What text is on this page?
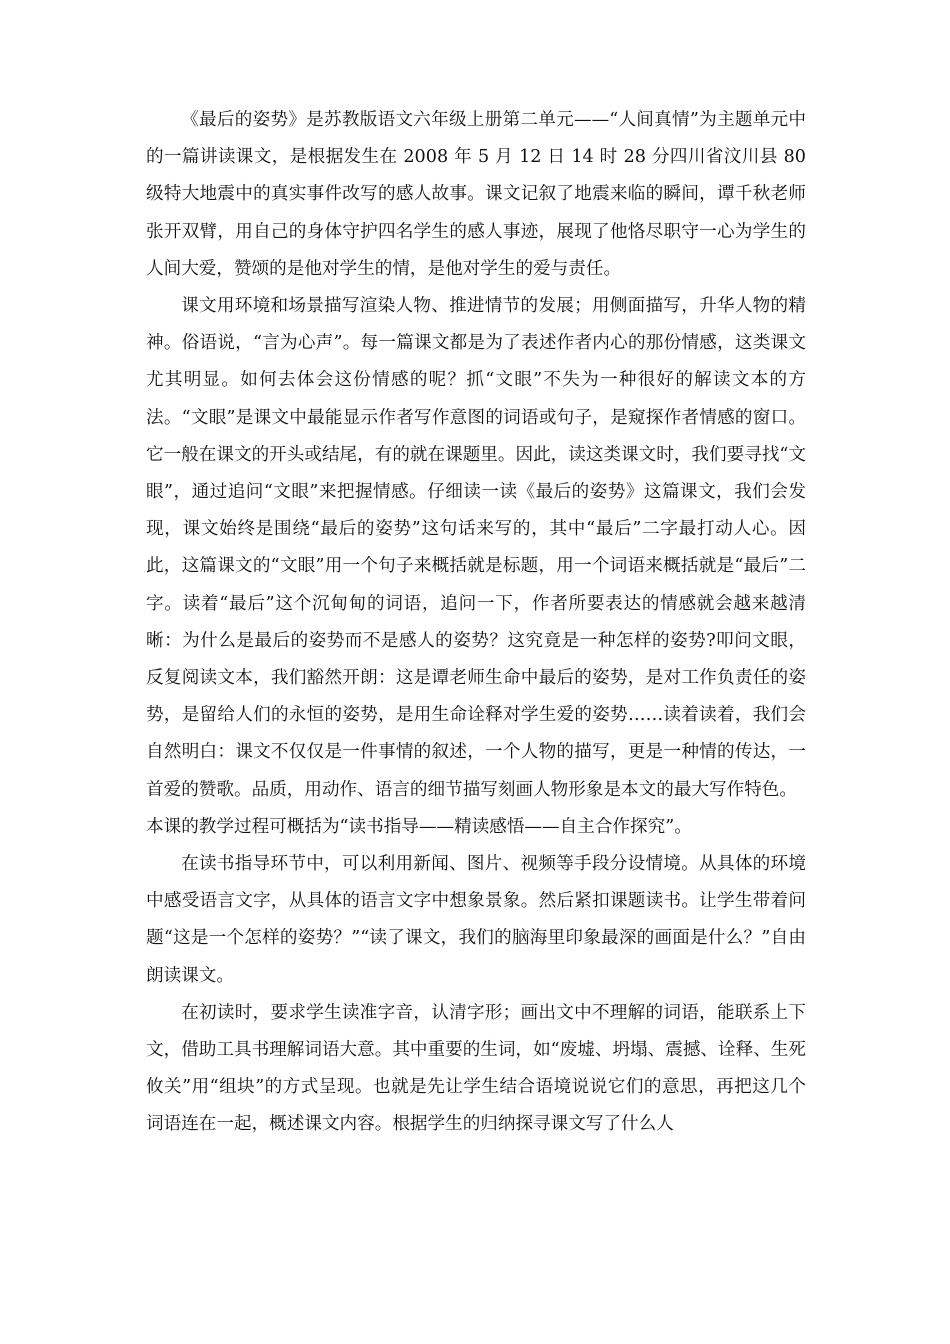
《最后的姿势》是苏教版语文六年级上册第二单元——“人间真情”为主题单元中的一篇讲读课文，是根据发生在 2008 年 5 月 12 日 14 时 28 分四川省汶川县 80 级特大地震中的真实事件改写的感人故事。课文记叙了地震来临的瞬间，谭千秋老师张开双臂，用自己的身体守护四名学生的感人事迹，展现了他恪尽职守一心为学生的人间大爱，赞颂的是他对学生的情，是他对学生的爱与责任。

课文用环境和场景描写渲染人物、推进情节的发展；用侧面描写，升华人物的精神。俗语说，“言为心声”。每一篇课文都是为了表述作者内心的那份情感，这类课文尤其明显。如何去体会这份情感的呢？抓“文眼”不失为一种很好的解读文本的方法。“文眼”是课文中最能显示作者写作意图的词语或句子，是窥探作者情感的窗口。它一般在课文的开头或结尾，有的就在课题里。因此，读这类课文时，我们要寻找“文眼”，通过追问“文眼”来把握情感。仔细读一读《最后的姿势》这篇课文，我们会发现，课文始终是围绕“最后的姿势”这句话来写的，其中“最后”二字最打动人心。因此，这篇课文的“文眼”用一个句子来概括就是标题，用一个词语来概括就是“最后”二字。读着“最后”这个沉甸甸的词语，追问一下，作者所要表达的情感就会越来越清晰：为什么是最后的姿势而不是感人的姿势？这究竟是一种怎样的姿势?叩问文眼，反复阅读文本，我们豁然开朗：这是谭老师生命中最后的姿势，是对工作负责任的姿势，是留给人们的永恒的姿势，是用生命诠释对学生爱的姿势……读着读着，我们会自然明白：课文不仅仅是一件事情的叙述，一个人物的描写，更是一种情的传达，一首爱的赞歌。品质，用动作、语言的细节描写刻画人物形象是本文的最大写作特色。

本课的教学过程可概括为“读书指导——精读感悟——自主合作探究”。

在读书指导环节中，可以利用新闻、图片、视频等手段分设情境。从具体的环境中感受语言文字，从具体的语言文字中想象景象。然后紧扣课题读书。让学生带着问题“这是一个怎样的姿势？”“读了课文，我们的脑海里印象最深的画面是什么？”自由朗读课文。

在初读时，要求学生读准字音，认清字形；画出文中不理解的词语，能联系上下文，借助工具书理解词语大意。其中重要的生词，如“废墟、坍塌、震撼、诠释、生死攸关”用“组块”的方式呈现。也就是先让学生结合语境说说它们的意思，再把这几个词语连在一起，概述课文内容。根据学生的归纳探寻课文写了什么人
